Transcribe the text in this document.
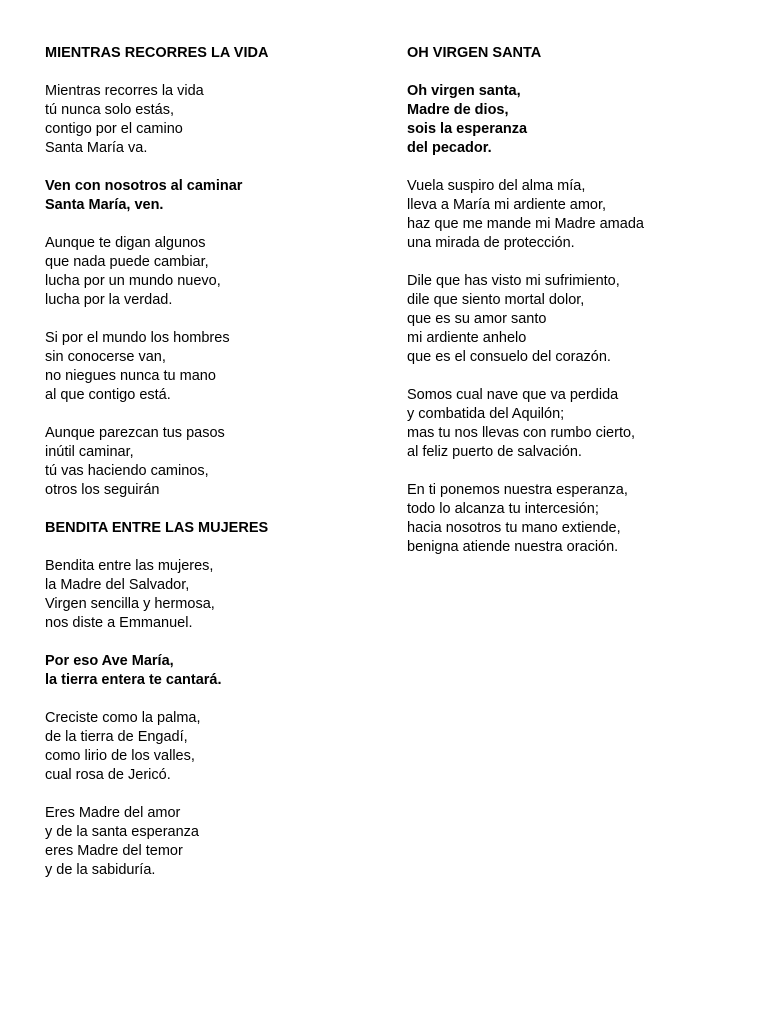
MIENTRAS RECORRES LA VIDA
Mientras recorres la vida
tú nunca solo estás,
contigo por el camino
Santa María va.
Ven con nosotros al caminar
Santa María, ven.
Aunque te digan algunos
que nada puede cambiar,
lucha por un mundo nuevo,
lucha por la verdad.
Si por el mundo los hombres
sin conocerse van,
no niegues nunca tu mano
al que contigo está.
Aunque parezcan tus pasos
inútil caminar,
tú vas haciendo caminos,
otros los seguirán
BENDITA ENTRE LAS MUJERES
Bendita entre las mujeres,
la Madre del Salvador,
Virgen sencilla y hermosa,
nos diste a Emmanuel.
Por eso Ave María,
la tierra entera te cantará.
Creciste como la palma,
de la tierra de Engadí,
como lirio de los valles,
cual rosa de Jericó.
Eres Madre del amor
y de la santa esperanza
eres Madre del temor
y de la sabiduría.
OH VIRGEN SANTA
Oh virgen santa,
Madre de dios,
sois la esperanza
del pecador.
Vuela suspiro del alma mía,
lleva a María mi ardiente amor,
haz que me mande mi Madre amada
una mirada de protección.
Dile que has visto mi sufrimiento,
dile que siento mortal dolor,
que es su amor santo
mi ardiente anhelo
que es el consuelo del corazón.
Somos cual nave que va perdida
y combatida del Aquilón;
mas tu nos llevas con rumbo cierto,
al feliz puerto de salvación.
En ti ponemos nuestra esperanza,
todo lo alcanza tu intercesión;
hacia nosotros tu mano extiende,
benigna atiende nuestra oración.
